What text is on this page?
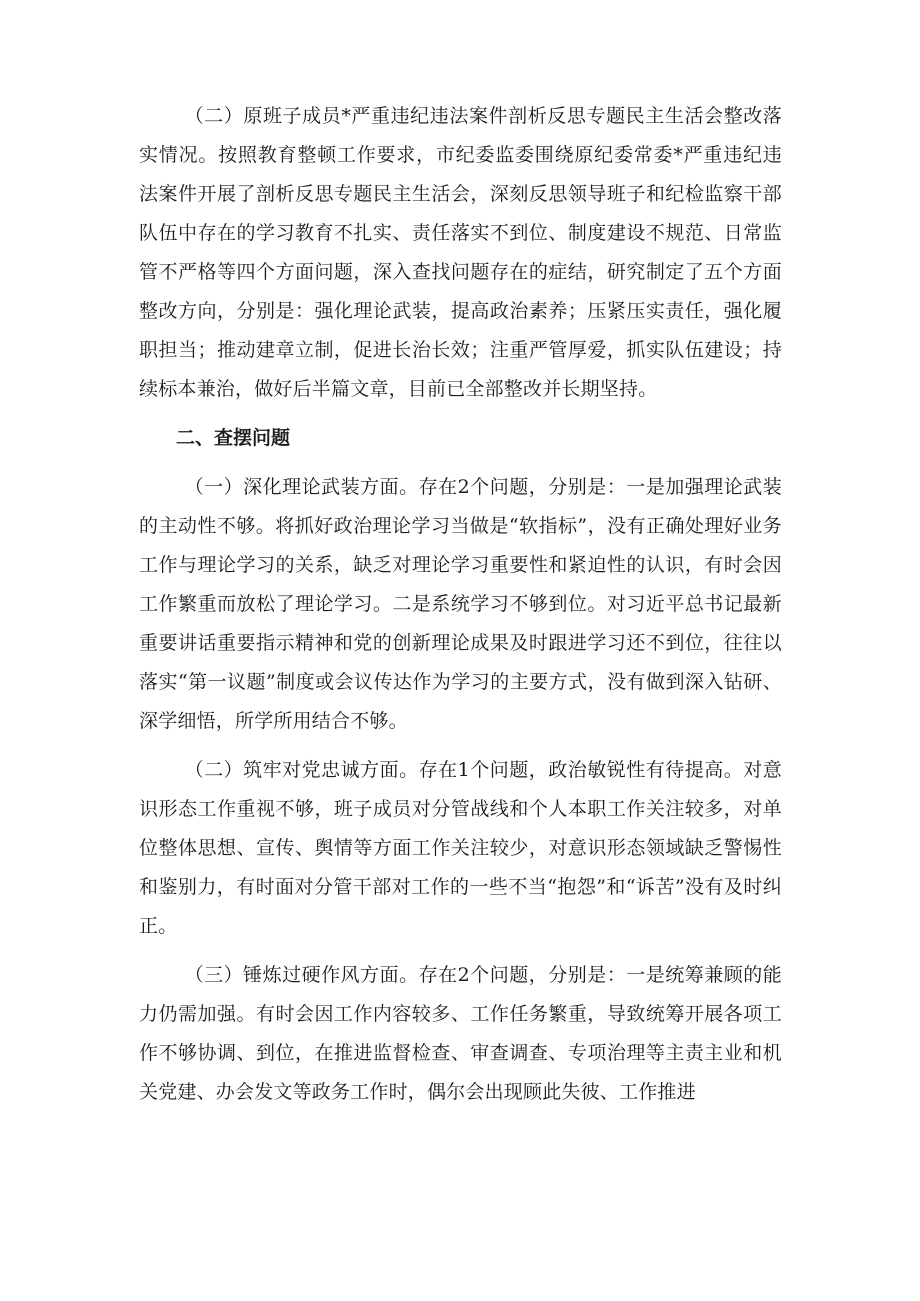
（二）原班子成员*严重违纪违法案件剖析反思专题民主生活会整改落实情况。按照教育整顿工作要求，市纪委监委围绕原纪委常委*严重违纪违法案件开展了剖析反思专题民主生活会，深刻反思领导班子和纪检监察干部队伍中存在的学习教育不扎实、责任落实不到位、制度建设不规范、日常监管不严格等四个方面问题，深入查找问题存在的症结，研究制定了五个方面整改方向，分别是：强化理论武装，提高政治素养；压紧压实责任，强化履职担当；推动建章立制，促进长治长效；注重严管厚爱，抓实队伍建设；持续标本兼治，做好后半篇文章，目前已全部整改并长期坚持。

二、查摆问题

（一）深化理论武装方面。存在2个问题，分别是：一是加强理论武装的主动性不够。将抓好政治理论学习当做是“软指标”，没有正确处理好业务工作与理论学习的关系，缺乏对理论学习重要性和紧迫性的认识，有时会因工作繁重而放松了理论学习。二是系统学习不够到位。对习近平总书记最新重要讲话重要指示精神和党的创新理论成果及时跟进学习还不到位，往往以落实“第一议题”制度或会议传达作为学习的主要方式，没有做到深入钻研、深学细悟，所学所用结合不够。

（二）筑牢对党忠诚方面。存在1个问题，政治敏锐性有待提高。对意识形态工作重视不够，班子成员对分管战线和个人本职工作关注较多，对单位整体思想、宣传、舆情等方面工作关注较少，对意识形态领域缺乏警惕性和鉴别力，有时面对分管干部对工作的一些不当“抱怨”和“诉苦”没有及时纠正。

（三）锤炼过硬作风方面。存在2个问题，分别是：一是统筹兼顾的能力仍需加强。有时会因工作内容较多、工作任务繁重，导致统筹开展各项工作不够协调、到位，在推进监督检查、审查调查、专项治理等主责主业和机关党建、办会发文等政务工作时，偶尔会出现顾此失彼、工作推进
